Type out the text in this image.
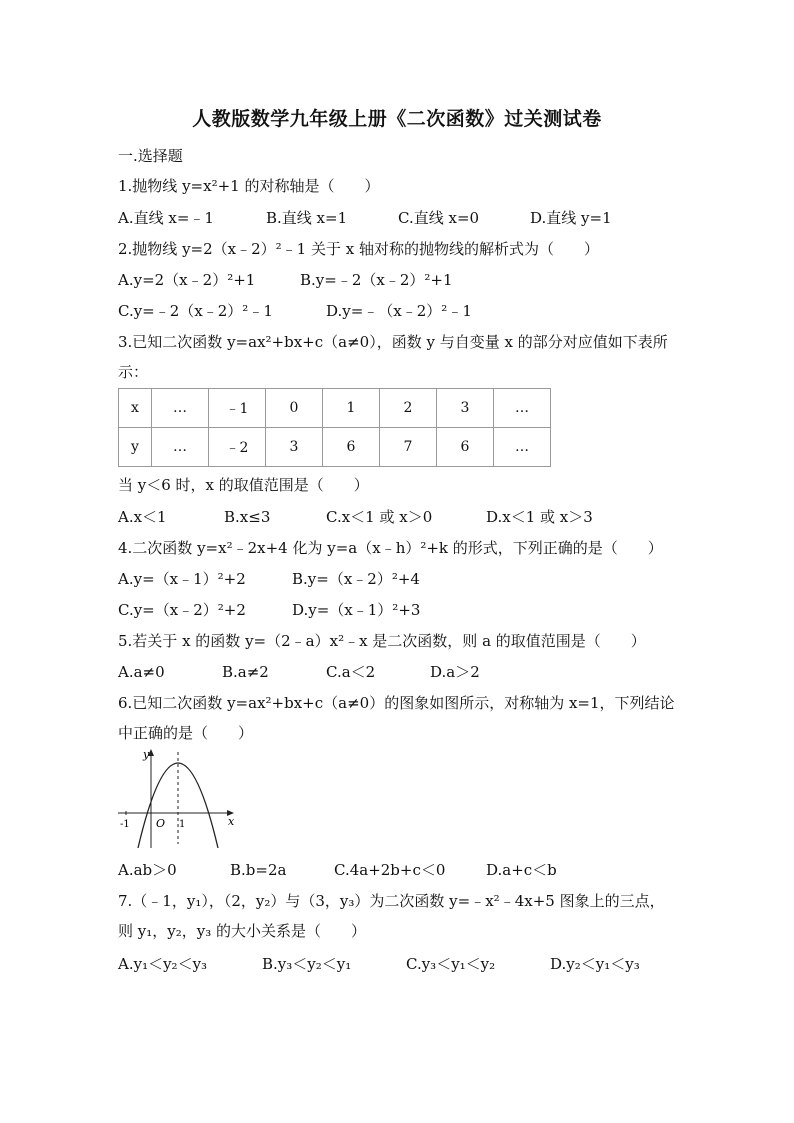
人教版数学九年级上册《二次函数》过关测试卷
一.选择题
1.抛物线 y=x²+1 的对称轴是（　　）
A.直线 x=﹣1	B.直线 x=1	C.直线 x=0	D.直线 y=1
2.抛物线 y=2（x﹣2）²﹣1 关于 x 轴对称的抛物线的解析式为（　　）
A.y=2（x﹣2）²+1	B.y=﹣2（x﹣2）²+1
C.y=﹣2（x﹣2）²﹣1	D.y=﹣（x﹣2）²﹣1
3.已知二次函数 y=ax²+bx+c（a≠0），函数 y 与自变量 x 的部分对应值如下表所
示：
x	…	﹣1	0	1	2	3	…
y	…	﹣2	3	6	7	6	…
当 y＜6 时，x 的取值范围是（　　）
A.x＜1	B.x≤3	C.x＜1 或 x＞0	D.x＜1 或 x＞3
4.二次函数 y=x²﹣2x+4 化为 y=a（x﹣h）²+k 的形式，下列正确的是（　　）
A.y=（x﹣1）²+2	B.y=（x﹣2）²+4
C.y=（x﹣2）²+2	D.y=（x﹣1）²+3
5.若关于 x 的函数 y=（2﹣a）x²﹣x 是二次函数，则 a 的取值范围是（　　）
A.a≠0	B.a≠2	C.a＜2	D.a＞2
6.已知二次函数 y=ax²+bx+c（a≠0）的图象如图所示，对称轴为 x=1，下列结论
中正确的是（　　）
y
x
O
-1	1
A.ab＞0	B.b=2a	C.4a+2b+c＜0	D.a+c＜b
7.（﹣1，y₁），（2，y₂）与（3，y₃）为二次函数 y=﹣x²﹣4x+5 图象上的三点，
则 y₁，y₂，y₃ 的大小关系是（　　）
A.y₁＜y₂＜y₃	B.y₃＜y₂＜y₁	C.y₃＜y₁＜y₂	D.y₂＜y₁＜y₃
